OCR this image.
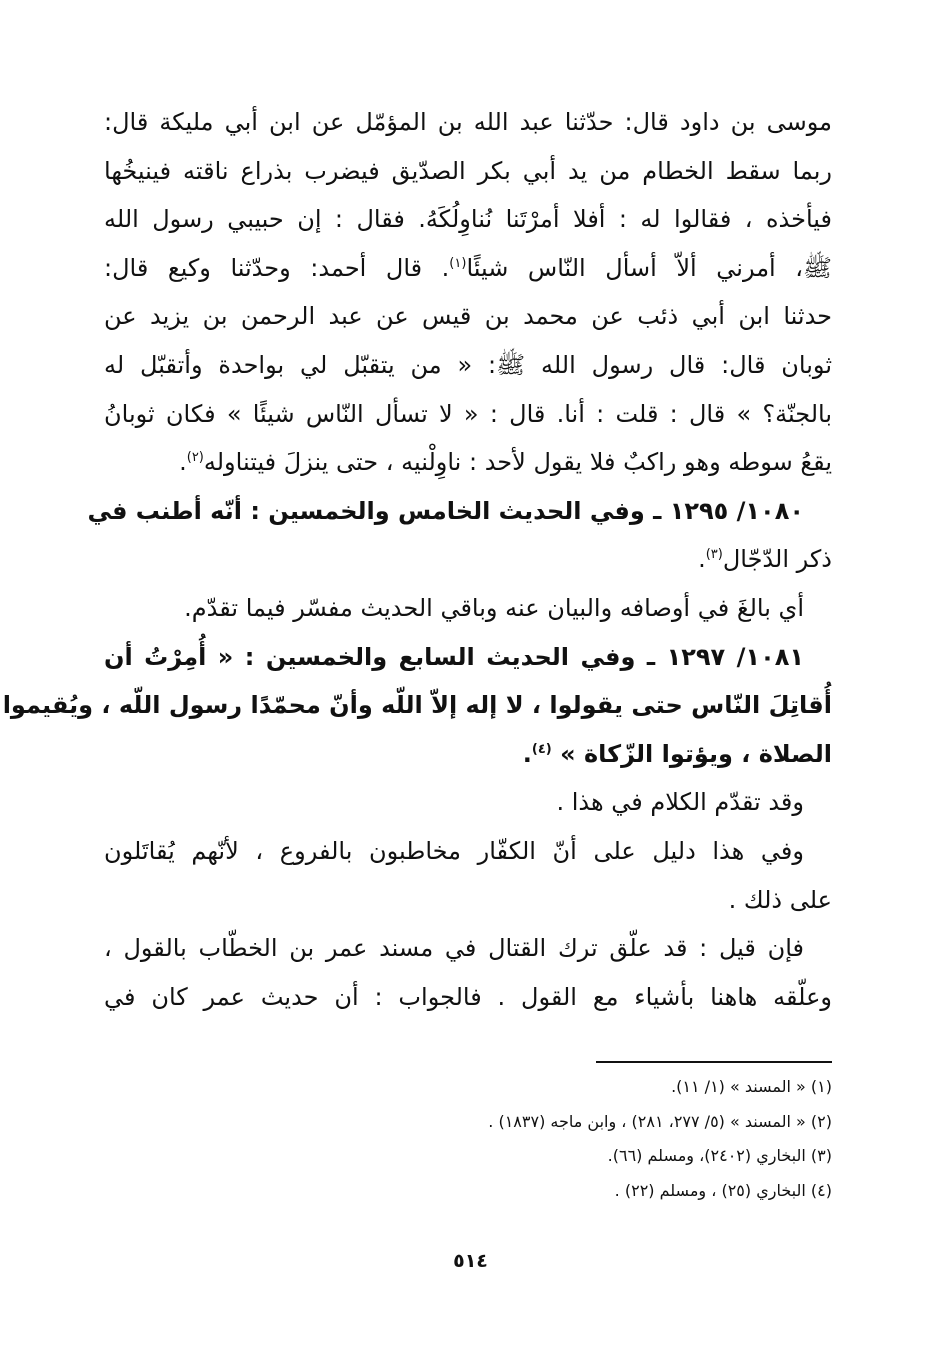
موسى بن داود قال: حدّثنا عبد الله بن المؤمّل عن ابن أبي مليكة قال:
ربما سقط الخطام من يد أبي بكر الصدّيق فيضرب بذراع ناقته فينيخُها
فيأخذه ، فقالوا له : أفلا أمرْتَنا نُناوِلُكَهُ. فقال : إن حبيبي رسول الله
ﷺ، أمرني ألاّ أسأل النّاس شيئًا$^{(١)}$. قال أحمد: وحدّثنا وكيع قال:
حدثنا ابن أبي ذئب عن محمد بن قيس عن عبد الرحمن بن يزيد عن
ثوبان قال: قال رسول الله ﷺ: « من يتقبّل لي بواحدة وأتقبّل له
بالجنّة؟ » قال : قلت : أنا. قال : « لا تسأل النّاس شيئًا » فكان ثوبانُ
يقعُ سوطه وهو راكبٌ فلا يقول لأحد : ناوِلْنيه ، حتى ينزلَ فيتناوله$^{(٢)}$.
١٠٨٠/ ١٢٩٥ ـ وفي الحديث الخامس والخمسين : أنّه أطنب في
ذكر الدّجّال$^{(٣)}$.
أي بالغَ في أوصافه والبيان عنه وباقي الحديث مفسّر فيما تقدّم.
١٠٨١/ ١٢٩٧ ـ وفي الحديث السابع والخمسين : « أُمِرْتُ أن
أُقاتِلَ النّاس حتى يقولوا ، لا إله إلاّ اللّه وأنّ محمّدًا رسول اللّه ، ويُقيموا
الصلاة ، ويؤتوا الزّكاة » $^{(٤)}$.
وقد تقدّم الكلام في هذا .
وفي هذا دليل على أنّ الكفّار مخاطبون بالفروع ، لأنّهم يُقاتَلون
على ذلك .
فإن قيل : قد علّق ترك القتال في مسند عمر بن الخطّاب بالقول ،
وعلّقه هاهنا بأشياء مع القول . فالجواب : أن حديث عمر كان في
(١) « المسند » (١/ ١١).
(٢) « المسند » (٥/ ٢٧٧، ٢٨١) ، وابن ماجه (١٨٣٧) .
(٣) البخاري (٢٤٠٢)، ومسلم (٦٦).
(٤) البخاري (٢٥) ، ومسلم (٢٢) .
٥١٤
